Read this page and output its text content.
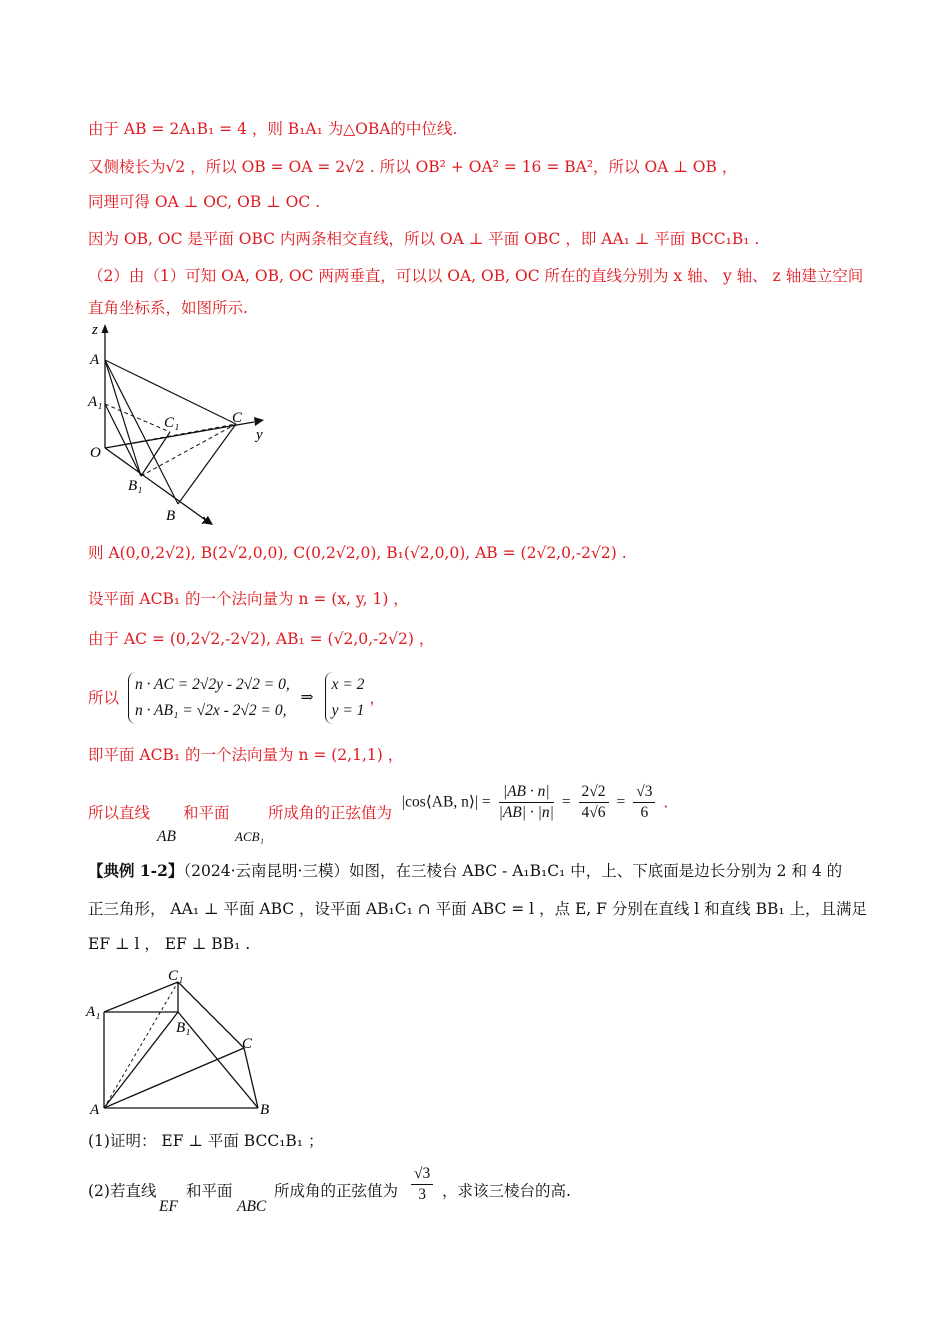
由于 AB = 2A₁B₁ = 4 ，则 B₁A₁ 为△OBA的中位线.
又侧棱长为√2 ，所以 OB = OA = 2√2 . 所以 OB² + OA² = 16 = BA²，所以 OA ⊥ OB ，
同理可得 OA ⊥ OC, OB ⊥ OC .
因为 OB, OC 是平面 OBC 内两条相交直线，所以 OA ⊥ 平面 OBC ，即 AA₁ ⊥ 平面 BCC₁B₁ .
（2）由（1）可知 OA, OB, OC 两两垂直，可以以 OA, OB, OC 所在的直线分别为 x 轴、 y 轴、 z 轴建立空间
直角坐标系，如图所示.
z
A
A₁
C₁	C
y
O
B₁
B x
则 A(0,0,2√2), B(2√2,0,0), C(0,2√2,0), B₁(√2,0,0), AB = (2√2,0,-2√2) .
设平面 ACB₁ 的一个法向量为 n = (x, y, 1) ，
由于 AC = (0,2√2,-2√2), AB₁ = (√2,0,-2√2) ，
所以
n · AC = 2√2y - 2√2 = 0,
n · AB₁ = √2x - 2√2 = 0,
⇒
x = 2
y = 1
，
即平面 ACB₁ 的一个法向量为 n = (2,1,1) ，
所以直线
AB
和平面
ACB₁
所成角的正弦值为
|cos⟨AB, n⟩| = $\frac{|AB \cdot n|}{|AB| \cdot |n|} = \frac{2√2}{4√6} = \frac{√3}{6}$ .
【典例 1-2】（2024·云南昆明·三模）如图，在三棱台 ABC - A₁B₁C₁ 中，上、下底面是边长分别为 2 和 4 的
正三角形， AA₁ ⊥ 平面 ABC ，设平面 AB₁C₁ ∩ 平面 ABC = l ，点 E, F 分别在直线 l 和直线 BB₁ 上，且满足
EF ⊥ l ， EF ⊥ BB₁ .
C₁
A₁
B₁
C
A	B
(1)证明： EF ⊥ 平面 BCC₁B₁ ；
(2)若直线
EF
和平面
ABC
所成角的正弦值为 $\frac{√3}{3}$ ，求该三棱台的高.
